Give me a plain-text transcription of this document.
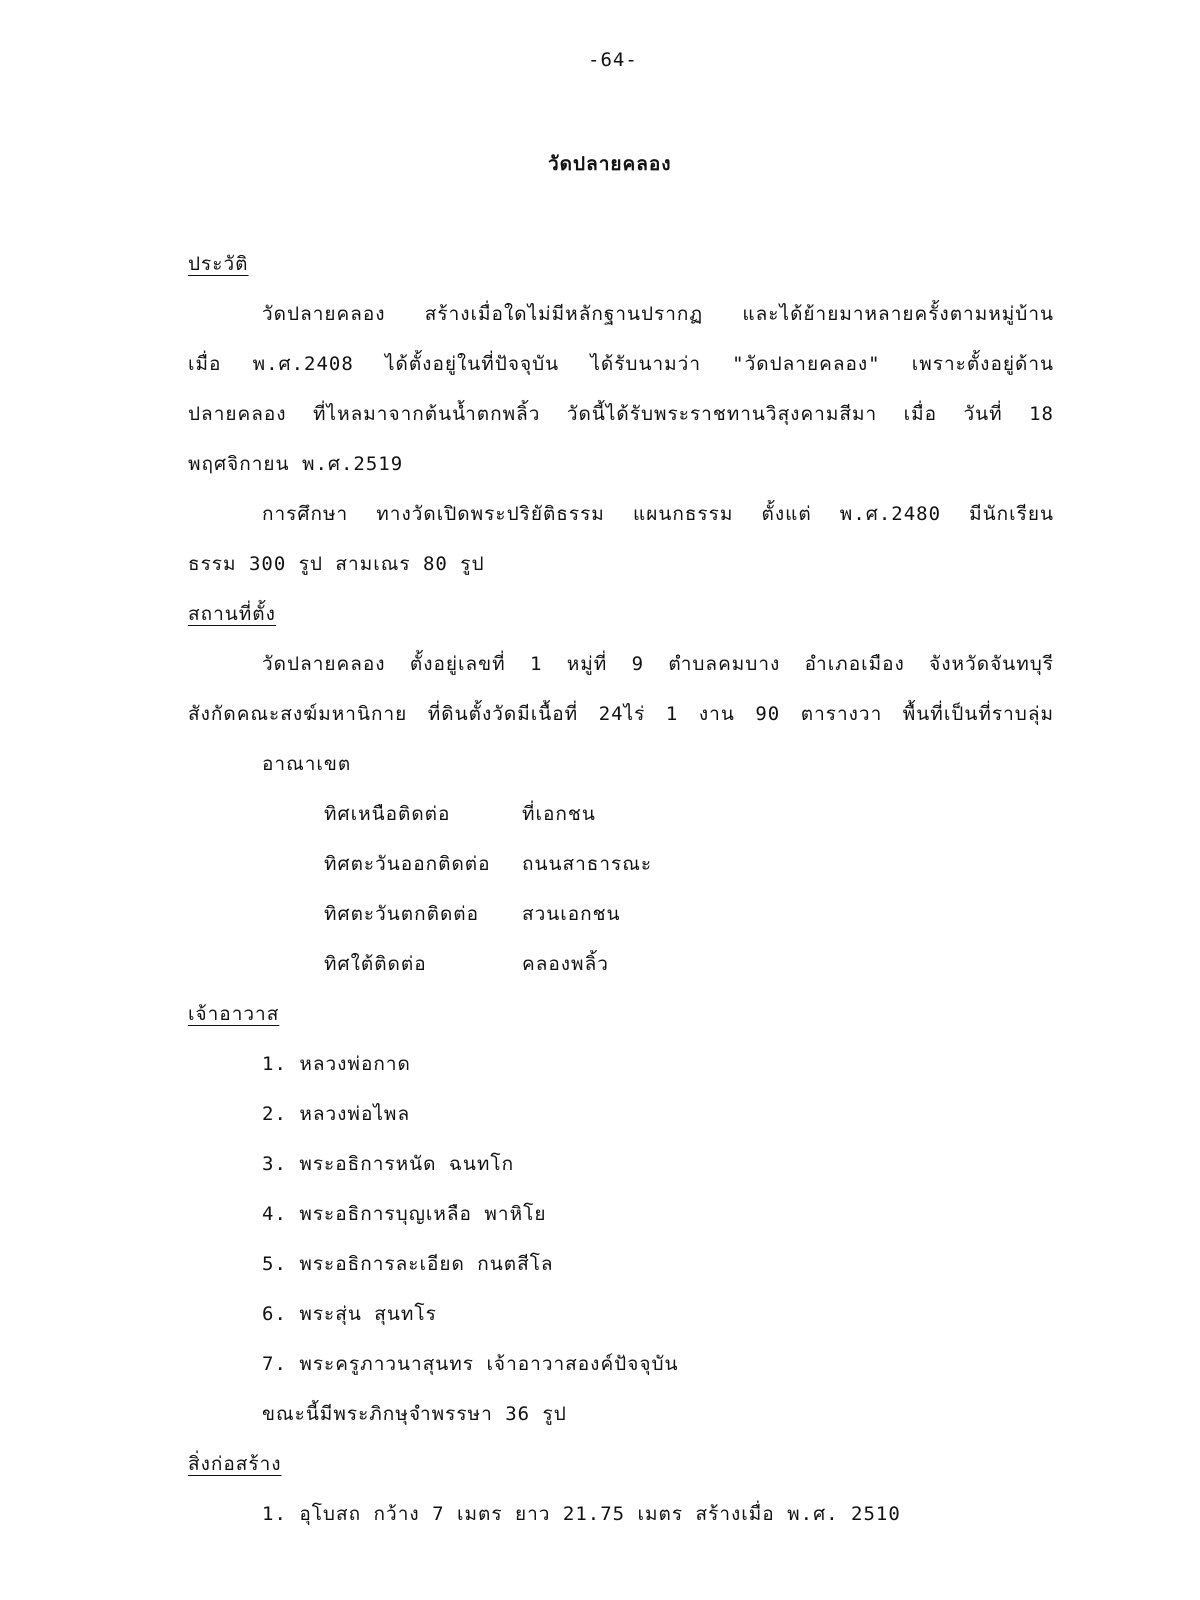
-64-
วัดปลายคลอง
ประวัติ
วัดปลายคลอง สร้างเมื่อใดไม่มีหลักฐานปรากฏ และได้ย้ายมาหลายครั้งตามหมู่บ้าน
เมื่อ พ.ศ.2408 ได้ตั้งอยู่ในที่ปัจจุบัน ได้รับนามว่า "วัดปลายคลอง" เพราะตั้งอยู่ด้าน
ปลายคลอง ที่ไหลมาจากต้นน้ำตกพลิ้ว วัดนี้ได้รับพระราชทานวิสุงคามสีมา เมื่อ วันที่ 18
พฤศจิกายน พ.ศ.2519
การศึกษา ทางวัดเปิดพระปริยัติธรรม แผนกธรรม ตั้งแต่ พ.ศ.2480 มีนักเรียน
ธรรม 300 รูป สามเณร 80 รูป
สถานที่ตั้ง
วัดปลายคลอง ตั้งอยู่เลขที่ 1 หมู่ที่ 9 ตำบลคมบาง อำเภอเมือง จังหวัดจันทบุรี
สังกัดคณะสงฆ์มหานิกาย ที่ดินตั้งวัดมีเนื้อที่ 24ไร่ 1 งาน 90 ตารางวา พื้นที่เป็นที่ราบลุ่ม
อาณาเขต
ทิศเหนือติดต่อ	ที่เอกชน
ทิศตะวันออกติดต่อ ถนนสาธารณะ
ทิศตะวันตกติดต่อ สวนเอกชน
ทิศใต้ติดต่อ	คลองพลิ้ว
เจ้าอาวาส
1. หลวงพ่อกาด
2. หลวงพ่อไพล
3. พระอธิการหนัด ฉนทโก
4. พระอธิการบุญเหลือ พาหิโย
5. พระอธิการละเอียด กนตสีโล
6. พระสุ่น สุนทโร
7. พระครูภาวนาสุนทร เจ้าอาวาสองค์ปัจจุบัน
ขณะนี้มีพระภิกษุจำพรรษา 36 รูป
สิ่งก่อสร้าง
1. อุโบสถ กว้าง 7 เมตร ยาว 21.75 เมตร สร้างเมื่อ พ.ศ. 2510
